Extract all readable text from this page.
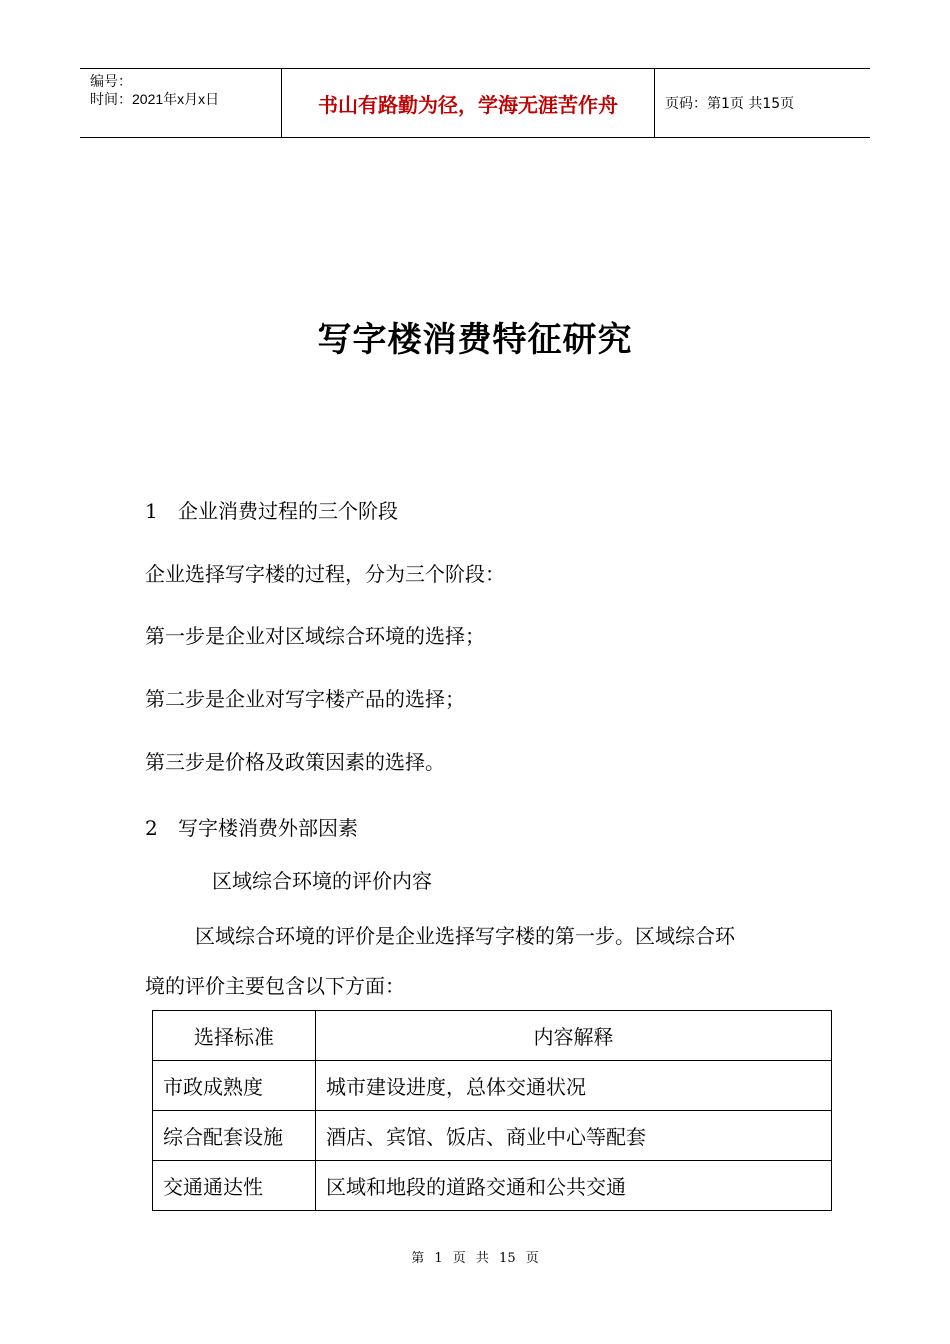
编号：
时间：2021年x月x日	书山有路勤为径，学海无涯苦作舟	页码：第1页 共15页
写字楼消费特征研究
1 企业消费过程的三个阶段
企业选择写字楼的过程，分为三个阶段：
第一步是企业对区域综合环境的选择；
第二步是企业对写字楼产品的选择；
第三步是价格及政策因素的选择。
2 写字楼消费外部因素
区域综合环境的评价内容
区域综合环境的评价是企业选择写字楼的第一步。区域综合环
境的评价主要包含以下方面：
选择标准	内容解释
市政成熟度	城市建设进度，总体交通状况
综合配套设施	酒店、宾馆、饭店、商业中心等配套
交通通达性	区域和地段的道路交通和公共交通
第 1 页 共 15 页
